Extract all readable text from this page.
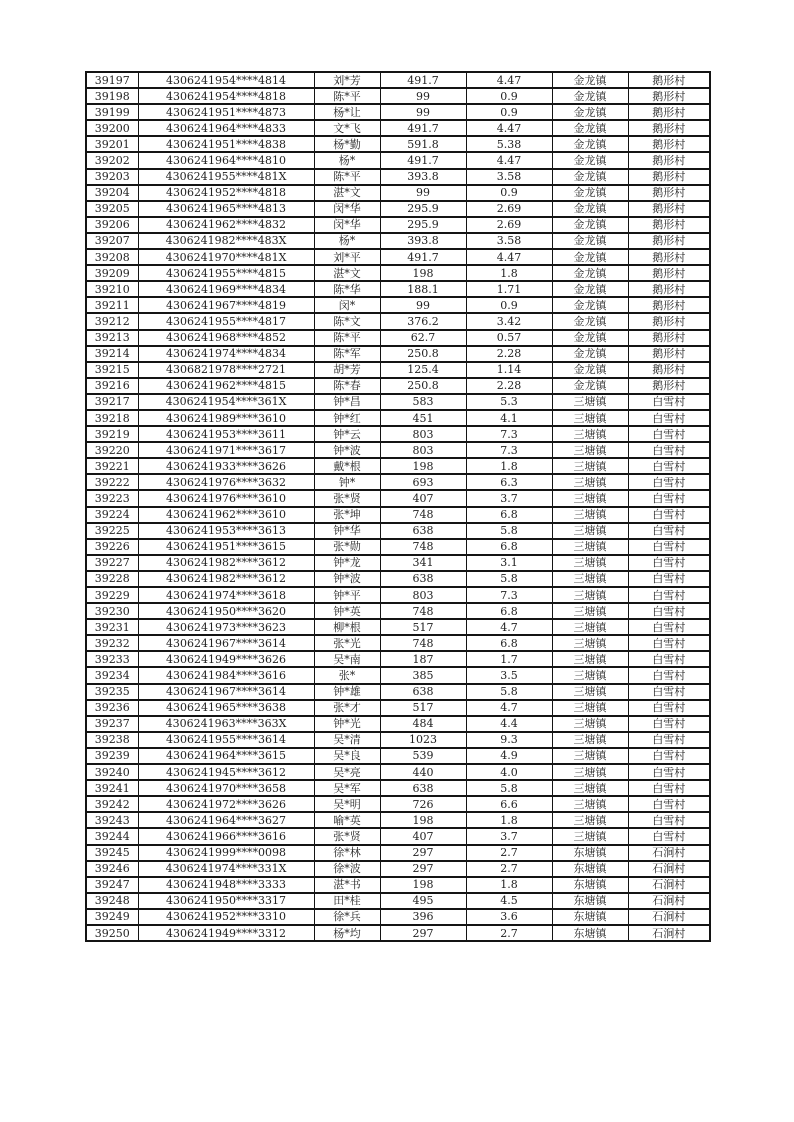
39197	4306241954****4814	刘*芳	491.7	4.47	金龙镇	鹅形村
39198	4306241954****4818	陈*平	99	0.9	金龙镇	鹅形村
39199	4306241951****4873	杨*让	99	0.9	金龙镇	鹅形村
39200	4306241964****4833	文*飞	491.7	4.47	金龙镇	鹅形村
39201	4306241951****4838	杨*勤	591.8	5.38	金龙镇	鹅形村
39202	4306241964****4810	杨*	491.7	4.47	金龙镇	鹅形村
39203	4306241955****481X	陈*平	393.8	3.58	金龙镇	鹅形村
39204	4306241952****4818	湛*文	99	0.9	金龙镇	鹅形村
39205	4306241965****4813	闵*华	295.9	2.69	金龙镇	鹅形村
39206	4306241962****4832	闵*华	295.9	2.69	金龙镇	鹅形村
39207	4306241982****483X	杨*	393.8	3.58	金龙镇	鹅形村
39208	4306241970****481X	刘*平	491.7	4.47	金龙镇	鹅形村
39209	4306241955****4815	湛*文	198	1.8	金龙镇	鹅形村
39210	4306241969****4834	陈*华	188.1	1.71	金龙镇	鹅形村
39211	4306241967****4819	闵*	99	0.9	金龙镇	鹅形村
39212	4306241955****4817	陈*文	376.2	3.42	金龙镇	鹅形村
39213	4306241968****4852	陈*平	62.7	0.57	金龙镇	鹅形村
39214	4306241974****4834	陈*军	250.8	2.28	金龙镇	鹅形村
39215	4306821978****2721	胡*芳	125.4	1.14	金龙镇	鹅形村
39216	4306241962****4815	陈*春	250.8	2.28	金龙镇	鹅形村
39217	4306241954****361X	钟*昌	583	5.3	三塘镇	白雪村
39218	4306241989****3610	钟*红	451	4.1	三塘镇	白雪村
39219	4306241953****3611	钟*云	803	7.3	三塘镇	白雪村
39220	4306241971****3617	钟*波	803	7.3	三塘镇	白雪村
39221	4306241933****3626	戴*根	198	1.8	三塘镇	白雪村
39222	4306241976****3632	钟*	693	6.3	三塘镇	白雪村
39223	4306241976****3610	张*贤	407	3.7	三塘镇	白雪村
39224	4306241962****3610	张*坤	748	6.8	三塘镇	白雪村
39225	4306241953****3613	钟*华	638	5.8	三塘镇	白雪村
39226	4306241951****3615	张*勋	748	6.8	三塘镇	白雪村
39227	4306241982****3612	钟*龙	341	3.1	三塘镇	白雪村
39228	4306241982****3612	钟*波	638	5.8	三塘镇	白雪村
39229	4306241974****3618	钟*平	803	7.3	三塘镇	白雪村
39230	4306241950****3620	钟*英	748	6.8	三塘镇	白雪村
39231	4306241973****3623	柳*根	517	4.7	三塘镇	白雪村
39232	4306241967****3614	张*光	748	6.8	三塘镇	白雪村
39233	4306241949****3626	吴*南	187	1.7	三塘镇	白雪村
39234	4306241984****3616	张*	385	3.5	三塘镇	白雪村
39235	4306241967****3614	钟*雄	638	5.8	三塘镇	白雪村
39236	4306241965****3638	张*才	517	4.7	三塘镇	白雪村
39237	4306241963****363X	钟*光	484	4.4	三塘镇	白雪村
39238	4306241955****3614	吴*清	1023	9.3	三塘镇	白雪村
39239	4306241964****3615	吴*良	539	4.9	三塘镇	白雪村
39240	4306241945****3612	吴*亮	440	4.0	三塘镇	白雪村
39241	4306241970****3658	吴*军	638	5.8	三塘镇	白雪村
39242	4306241972****3626	吴*明	726	6.6	三塘镇	白雪村
39243	4306241964****3627	喻*英	198	1.8	三塘镇	白雪村
39244	4306241966****3616	张*贤	407	3.7	三塘镇	白雪村
39245	4306241999****0098	徐*林	297	2.7	东塘镇	石涧村
39246	4306241974****331X	徐*波	297	2.7	东塘镇	石涧村
39247	4306241948****3333	湛*书	198	1.8	东塘镇	石涧村
39248	4306241950****3317	田*桂	495	4.5	东塘镇	石涧村
39249	4306241952****3310	徐*兵	396	3.6	东塘镇	石涧村
39250	4306241949****3312	杨*均	297	2.7	东塘镇	石涧村
